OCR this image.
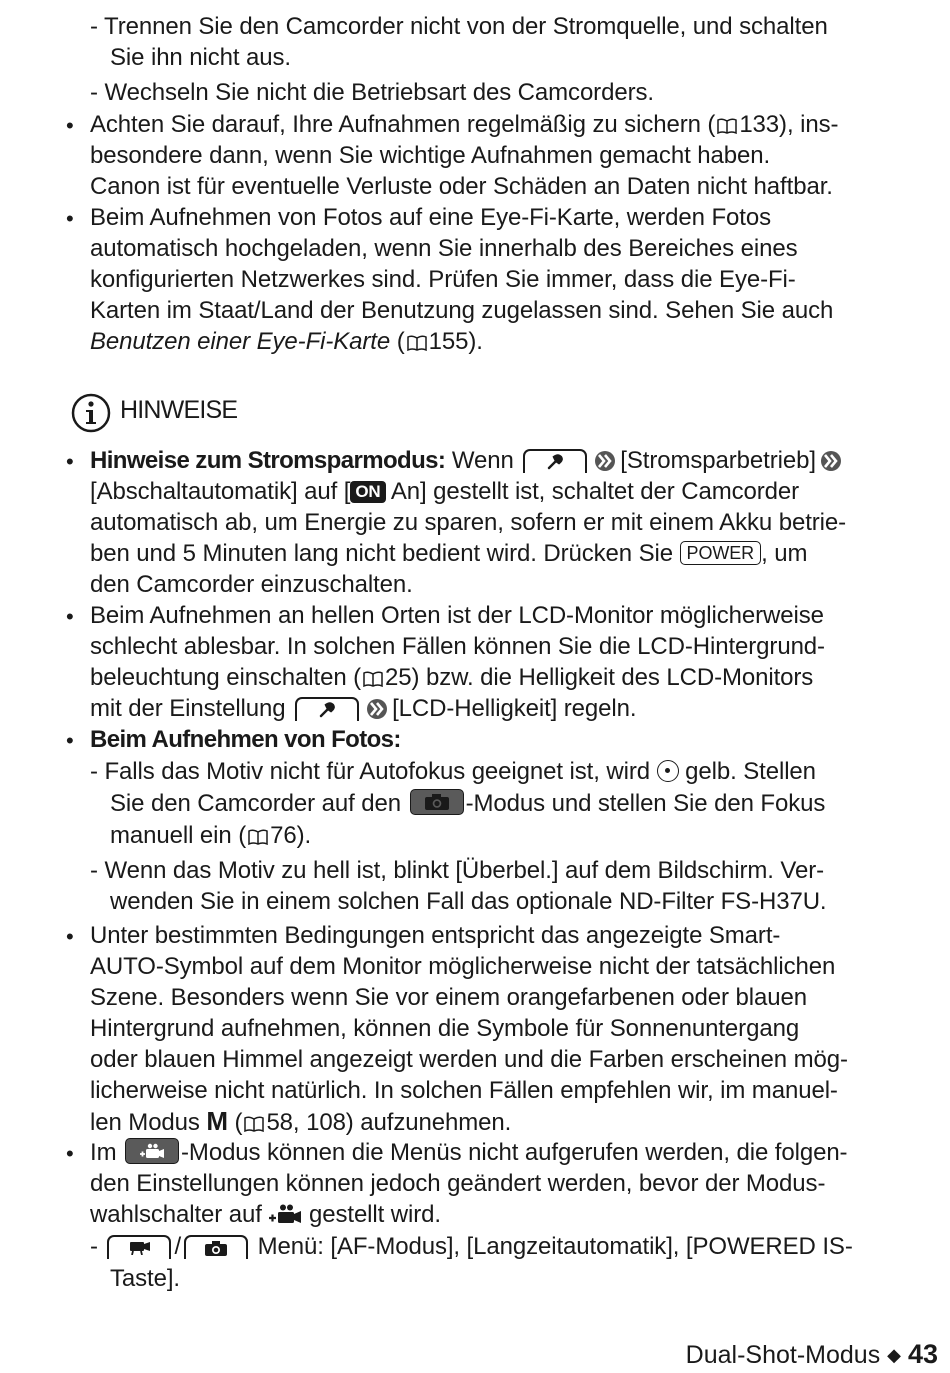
- Trennen Sie den Camcorder nicht von der Stromquelle, und schalten
Sie ihn nicht aus.
- Wechseln Sie nicht die Betriebsart des Camcorders.
• Achten Sie darauf, Ihre Aufnahmen regelmäßig zu sichern ( 133), ins-
besondere dann, wenn Sie wichtige Aufnahmen gemacht haben.
Canon ist für eventuelle Verluste oder Schäden an Daten nicht haftbar.
• Beim Aufnehmen von Fotos auf eine Eye-Fi-Karte, werden Fotos
automatisch hochgeladen, wenn Sie innerhalb des Bereiches eines
konfigurierten Netzwerkes sind. Prüfen Sie immer, dass die Eye-Fi-
Karten im Staat/Land der Benutzung zugelassen sind. Sehen Sie auch
Benutzen einer Eye-Fi-Karte ( 155).
HINWEISE
• Hinweise zum Stromsparmodus: Wenn	[Stromsparbetrieb]
[Abschaltautomatik] auf [ ON An] gestellt ist, schaltet der Camcorder
automatisch ab, um Energie zu sparen, sofern er mit einem Akku betrie-
ben und 5 Minuten lang nicht bedient wird. Drücken Sie POWER , um
den Camcorder einzuschalten.
• Beim Aufnehmen an hellen Orten ist der LCD-Monitor möglicherweise
schlecht ablesbar. In solchen Fällen können Sie die LCD-Hintergrund-
beleuchtung einschalten ( 25) bzw. die Helligkeit des LCD-Monitors
mit der Einstellung	[LCD-Helligkeit] regeln.
• Beim Aufnehmen von Fotos:
- Falls das Motiv nicht für Autofokus geeignet ist, wird  gelb. Stellen
Sie den Camcorder auf den
-Modus und stellen Sie den Fokus
manuell ein ( 76).
- Wenn das Motiv zu hell ist, blinkt [Überbel.] auf dem Bildschirm. Ver-
wenden Sie in einem solchen Fall das optionale ND-Filter FS-H37U.
• Unter bestimmten Bedingungen entspricht das angezeigte Smart-
AUTO-Symbol auf dem Monitor möglicherweise nicht der tatsächlichen
Szene. Besonders wenn Sie vor einem orangefarbenen oder blauen
Hintergrund aufnehmen, können die Symbole für Sonnenuntergang
oder blauen Himmel angezeigt werden und die Farben erscheinen mög-
licherweise nicht natürlich. In solchen Fällen empfehlen wir, im manuel-
len Modus M ( 58, 108) aufzunehmen.
• Im
-Modus können die Menüs nicht aufgerufen werden, die folgen-
den Einstellungen können jedoch geändert werden, bevor der Modus-
wahlschalter auf  gestellt wird.
-	/	Menü: [AF-Modus], [Langzeitautomatik], [POWERED IS-
Taste].
Dual-Shot-Modus ◆ 43
